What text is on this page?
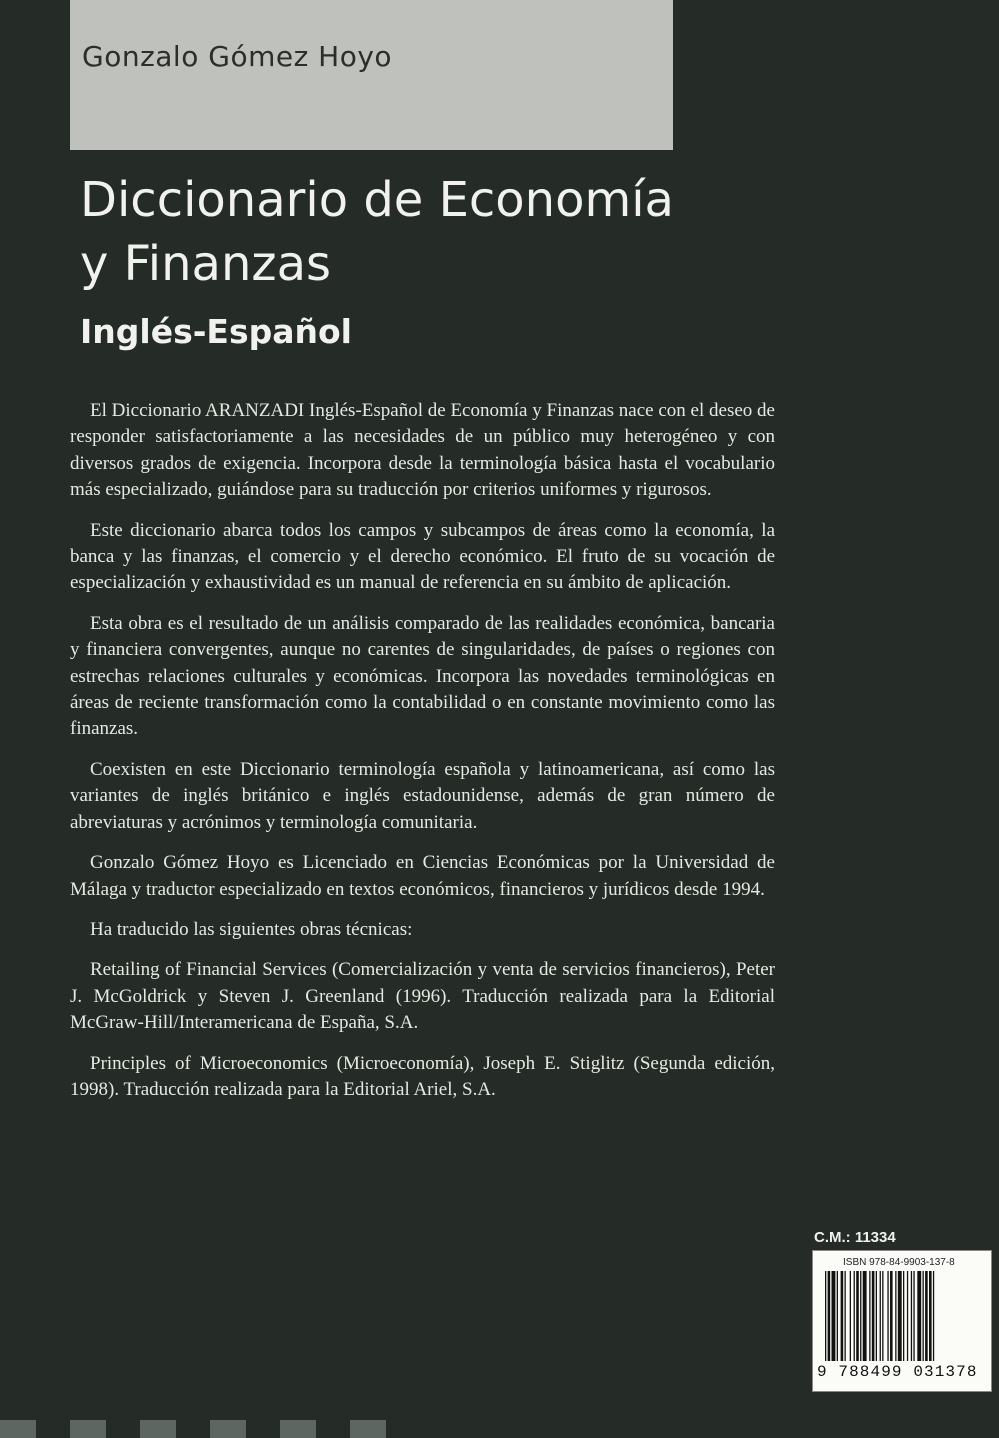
Gonzalo Gómez Hoyo
Diccionario de Economía
y Finanzas
Inglés-Español

El Diccionario ARANZADI Inglés-Español de Economía y Finanzas nace con el deseo de responder satisfactoriamente a las necesidades de un público muy heterogéneo y con diversos grados de exigencia. Incorpora desde la terminología básica hasta el vocabulario más especializado, guiándose para su traducción por criterios uniformes y rigurosos.

Este diccionario abarca todos los campos y subcampos de áreas como la economía, la banca y las finanzas, el comercio y el derecho económico. El fruto de su vocación de especialización y exhaustividad es un manual de referencia en su ámbito de aplicación.

Esta obra es el resultado de un análisis comparado de las realidades económica, bancaria y financiera convergentes, aunque no carentes de singularidades, de países o regiones con estrechas relaciones culturales y económicas. Incorpora las novedades terminológicas en áreas de reciente transformación como la contabilidad o en constante movimiento como las finanzas.

Coexisten en este Diccionario terminología española y latinoamericana, así como las variantes de inglés británico e inglés estadounidense, además de gran número de abreviaturas y acrónimos y terminología comunitaria.

Gonzalo Gómez Hoyo es Licenciado en Ciencias Económicas por la Universidad de Málaga y traductor especializado en textos económicos, financieros y jurídicos desde 1994.

Ha traducido las siguientes obras técnicas:

Retailing of Financial Services (Comercialización y venta de servicios financieros), Peter J. McGoldrick y Steven J. Greenland (1996). Traducción realizada para la Editorial McGraw-Hill/Interamericana de España, S.A.

Principles of Microeconomics (Microeconomía), Joseph E. Stiglitz (Segunda edición, 1998). Traducción realizada para la Editorial Ariel, S.A.

C.M.: 11334
ISBN 978-84-9903-137-8
9 788499 031378
